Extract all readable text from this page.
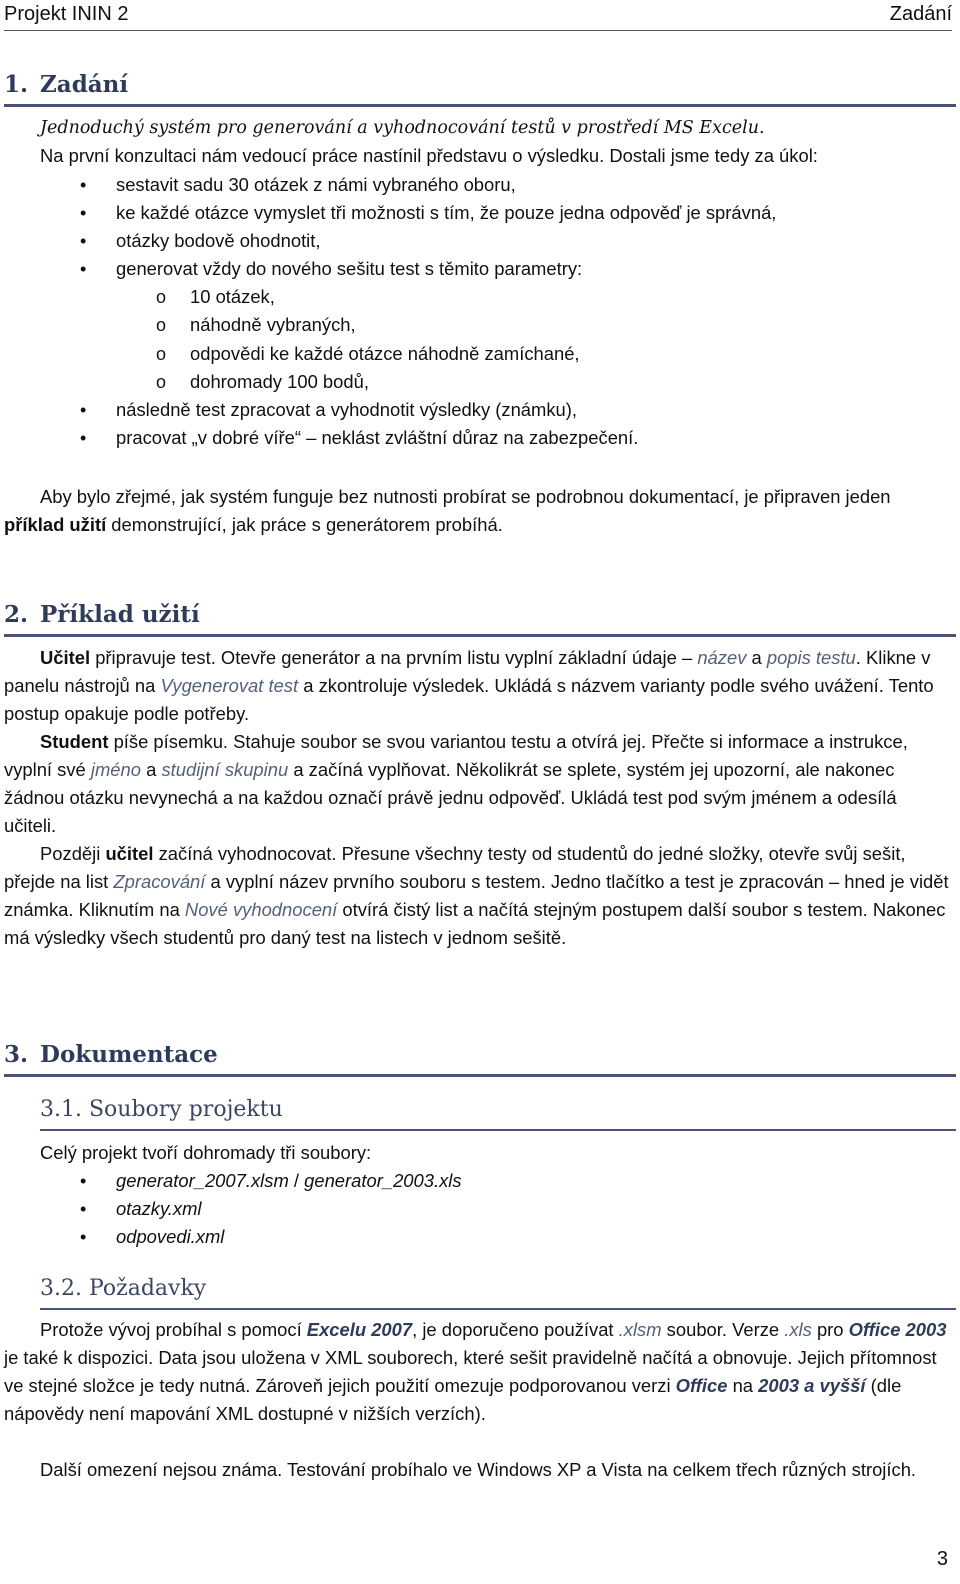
Projekt ININ 2	Zadání
1. Zadání
Jednoduchý systém pro generování a vyhodnocování testů v prostředí MS Excelu.
Na první konzultaci nám vedoucí práce nastínil představu o výsledku. Dostali jsme tedy za úkol:
• sestavit sadu 30 otázek z námi vybraného oboru,
• ke každé otázce vymyslet tři možnosti s tím, že pouze jedna odpověď je správná,
• otázky bodově ohodnotit,
• generovat vždy do nového sešitu test s těmito parametry:
o 10 otázek,
o náhodně vybraných,
o odpovědi ke každé otázce náhodně zamíchané,
o dohromady 100 bodů,
• následně test zpracovat a vyhodnotit výsledky (známku),
• pracovat „v dobré víře“ – neklást zvláštní důraz na zabezpečení.
Aby bylo zřejmé, jak systém funguje bez nutnosti probírat se podrobnou dokumentací, je připraven jeden příklad užití demonstrující, jak práce s generátorem probíhá.
2. Příklad užití
Učitel připravuje test. Otevře generátor a na prvním listu vyplní základní údaje – název a popis testu. Klikne v panelu nástrojů na Vygenerovat test a zkontroluje výsledek. Ukládá s názvem varianty podle svého uvážení. Tento postup opakuje podle potřeby.
Student píše písemku. Stahuje soubor se svou variantou testu a otvírá jej. Přečte si informace a instrukce, vyplní své jméno a studijní skupinu a začíná vyplňovat. Několikrát se splete, systém jej upozorní, ale nakonec žádnou otázku nevynechá a na každou označí právě jednu odpověď. Ukládá test pod svým jménem a odesílá učiteli.
Později učitel začíná vyhodnocovat. Přesune všechny testy od studentů do jedné složky, otevře svůj sešit, přejde na list Zpracování a vyplní název prvního souboru s testem. Jedno tlačítko a test je zpracován – hned je vidět známka. Kliknutím na Nové vyhodnocení otvírá čistý list a načítá stejným postupem další soubor s testem. Nakonec má výsledky všech studentů pro daný test na listech v jednom sešitě.
3. Dokumentace
3.1. Soubory projektu
Celý projekt tvoří dohromady tři soubory:
• generator_2007.xlsm / generator_2003.xls
• otazky.xml
• odpovedi.xml
3.2. Požadavky
Protože vývoj probíhal s pomocí Excelu 2007, je doporučeno používat .xlsm soubor. Verze .xls pro Office 2003 je také k dispozici. Data jsou uložena v XML souborech, které sešit pravidelně načítá a obnovuje. Jejich přítomnost ve stejné složce je tedy nutná. Zároveň jejich použití omezuje podporovanou verzi Office na 2003 a vyšší (dle nápovědy není mapování XML dostupné v nižších verzích).
Další omezení nejsou známa. Testování probíhalo ve Windows XP a Vista na celkem třech různých strojích.
3
